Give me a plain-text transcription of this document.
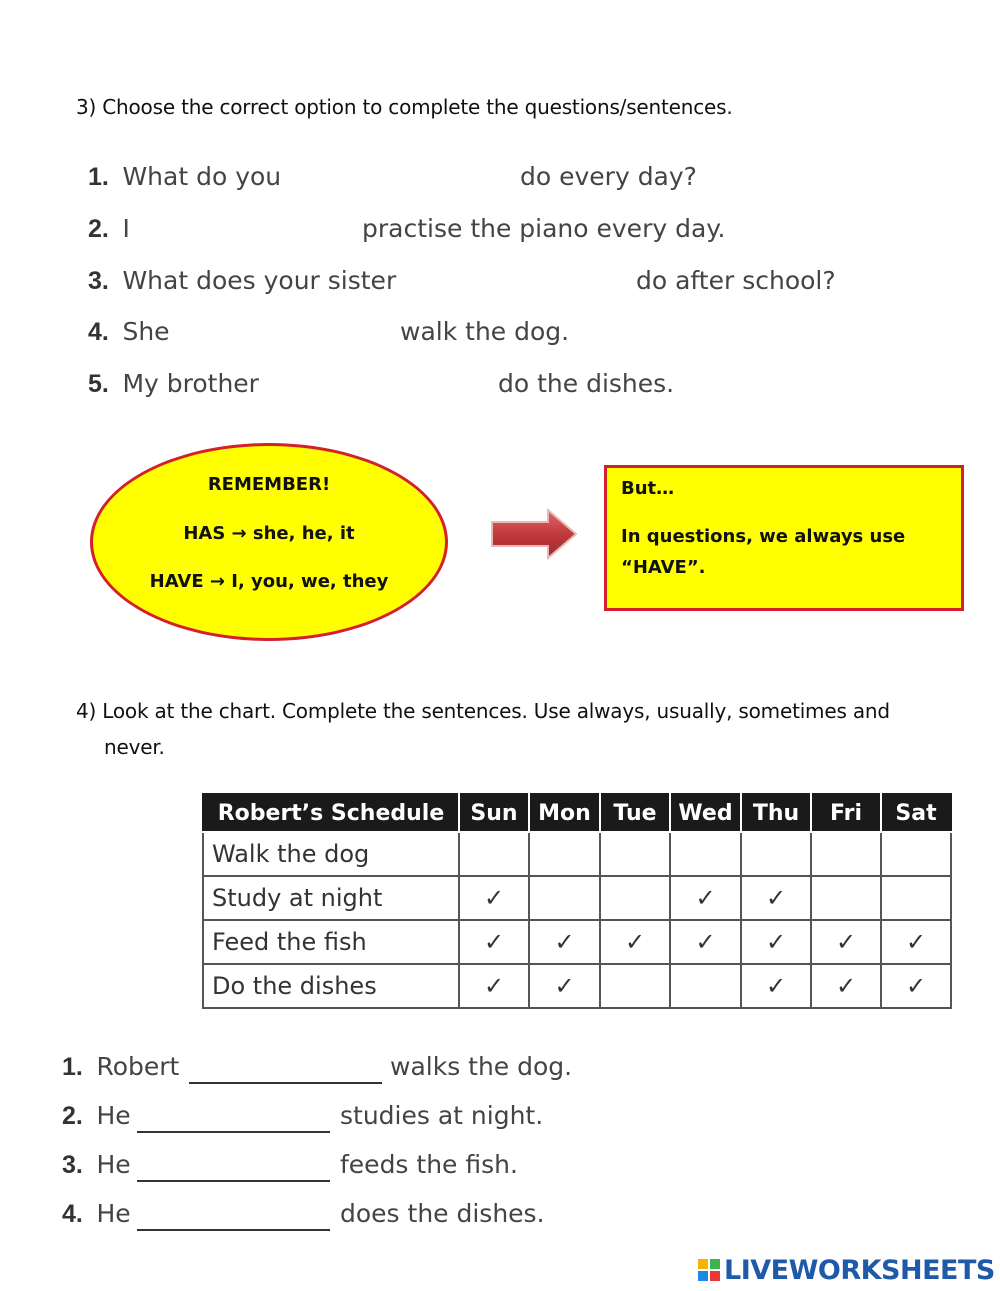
3) Choose the correct option to complete the questions/sentences.
1. What do you	do every day?
2. I	practise the piano every day.
3. What does your sister	do after school?
4. She	walk the dog.
5. My brother	do the dishes.
REMEMBER!
HAS → she, he, it
HAVE → I, you, we, they
But…
In questions, we always use “HAVE”.
4) Look at the chart. Complete the sentences. Use always, usually, sometimes and
never.
Robert’s Schedule	Sun	Mon	Tue	Wed	Thu	Fri	Sat
Walk the dog							
Study at night	✓			✓	✓		
Feed the fish	✓	✓	✓	✓	✓	✓	✓
Do the dishes	✓	✓			✓	✓	✓
1. Robert	walks the dog.
2. He	studies at night.
3. He	feeds the fish.
4. He	does the dishes.
LIVEWORKSHEETS
